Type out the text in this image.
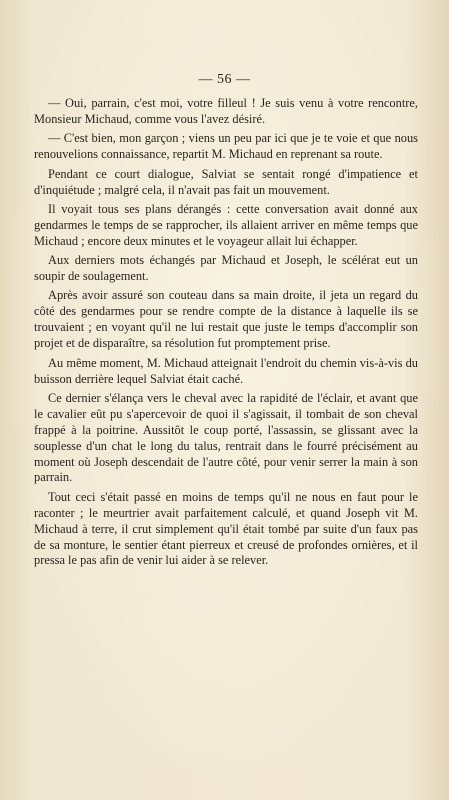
— 56 —

— Oui, parrain, c'est moi, votre filleul ! Je suis venu à votre rencontre, Monsieur Michaud, comme vous l'avez désiré.

— C'est bien, mon garçon ; viens un peu par ici que je te voie et que nous renouvelions connaissance, repartit M. Michaud en reprenant sa route.

Pendant ce court dialogue, Salviat se sentait rongé d'impatience et d'inquiétude ; malgré cela, il n'avait pas fait un mouvement.

Il voyait tous ses plans dérangés : cette conversation avait donné aux gendarmes le temps de se rapprocher, ils allaient arriver en même temps que Michaud ; encore deux minutes et le voyageur allait lui échapper.

Aux derniers mots échangés par Michaud et Joseph, le scélérat eut un soupir de soulagement.

Après avoir assuré son couteau dans sa main droite, il jeta un regard du côté des gendarmes pour se rendre compte de la distance à laquelle ils se trouvaient ; en voyant qu'il ne lui restait que juste le temps d'accomplir son projet et de disparaître, sa résolution fut promptement prise.

Au même moment, M. Michaud atteignait l'endroit du chemin vis-à-vis du buisson derrière lequel Salviat était caché.

Ce dernier s'élança vers le cheval avec la rapidité de l'éclair, et avant que le cavalier eût pu s'apercevoir de quoi il s'agissait, il tombait de son cheval frappé à la poitrine. Aussitôt le coup porté, l'assassin, se glissant avec la souplesse d'un chat le long du talus, rentrait dans le fourré précisément au moment où Joseph descendait de l'autre côté, pour venir serrer la main à son parrain.

Tout ceci s'était passé en moins de temps qu'il ne nous en faut pour le raconter ; le meurtrier avait parfaitement calculé, et quand Joseph vit M. Michaud à terre, il crut simplement qu'il était tombé par suite d'un faux pas de sa monture, le sentier étant pierreux et creusé de profondes ornières, et il pressa le pas afin de venir lui aider à se relever.
